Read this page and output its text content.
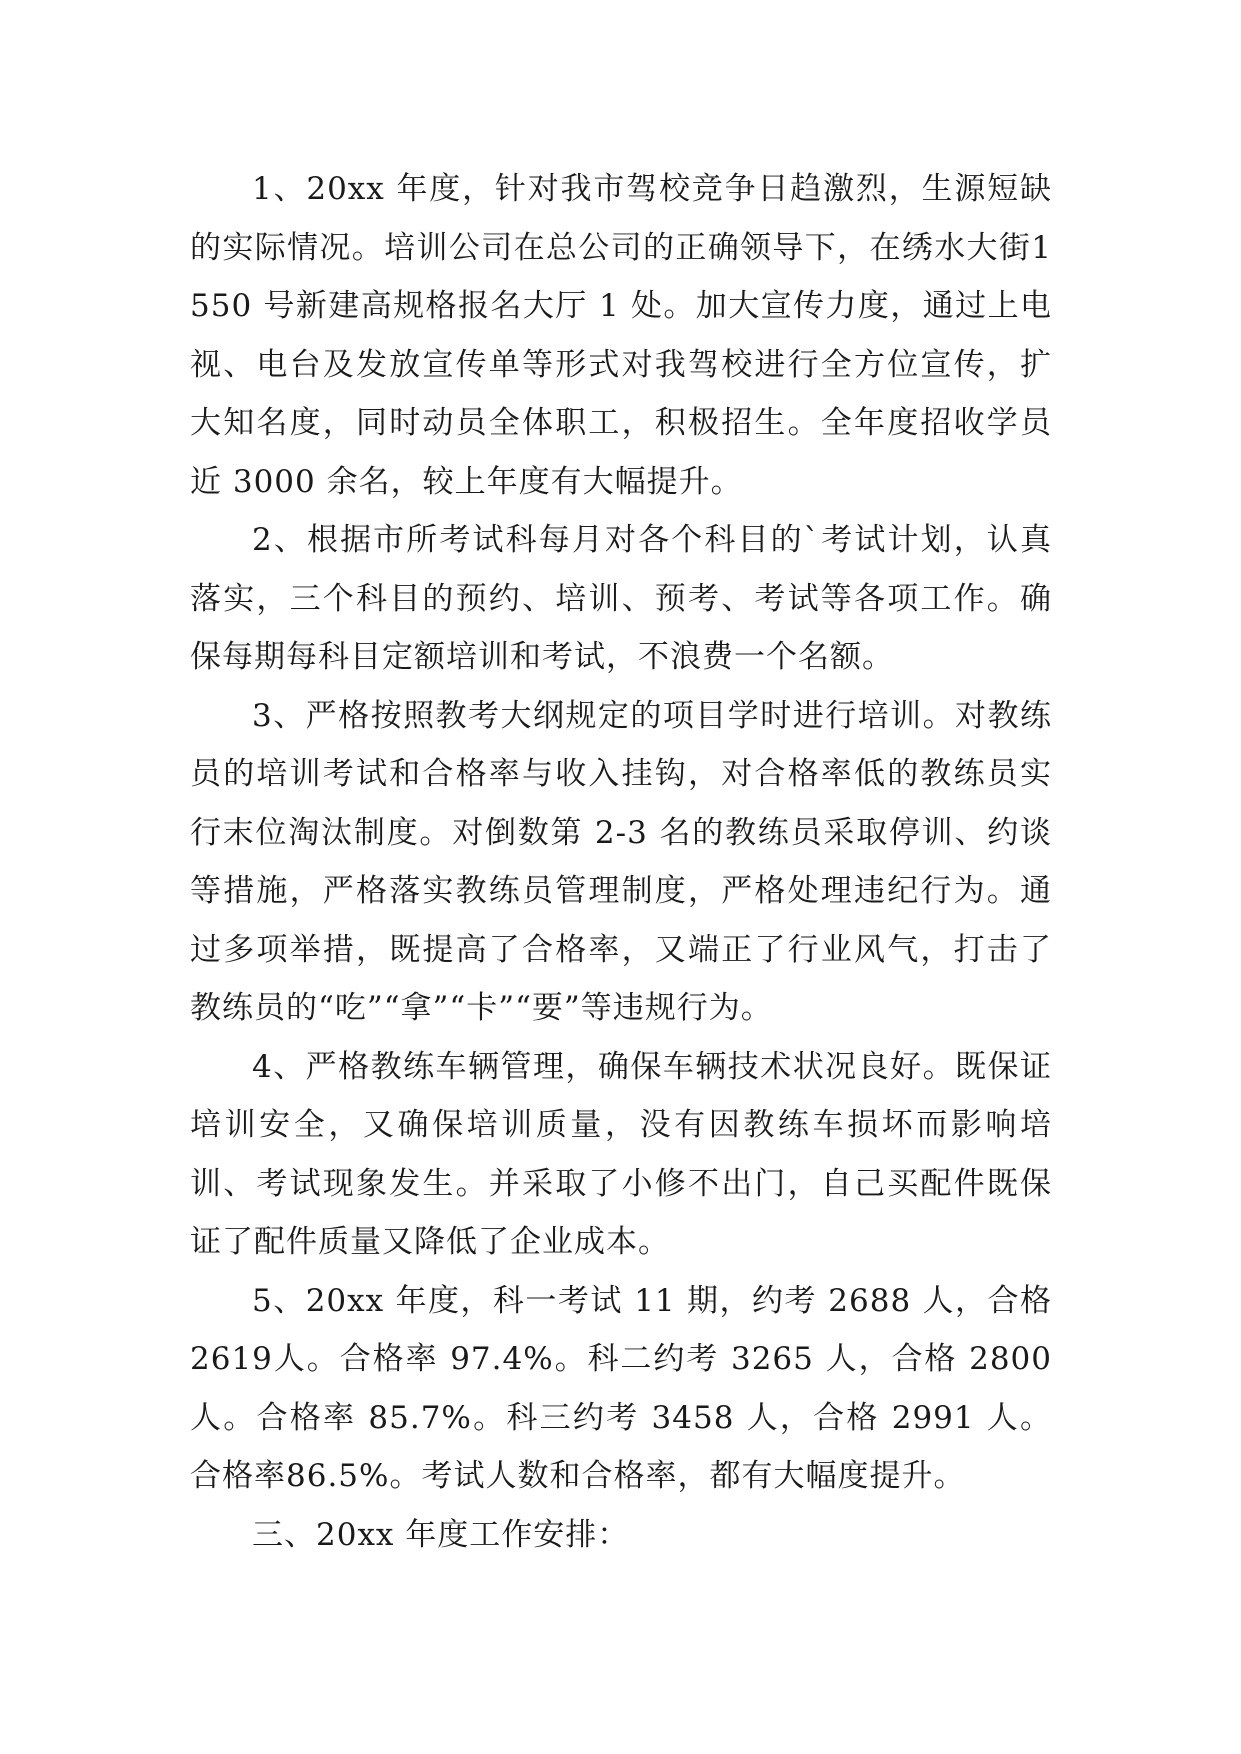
1、20xx 年度，针对我市驾校竞争日趋激烈，生源短缺的实际情况。培训公司在总公司的正确领导下，在绣水大街1550 号新建高规格报名大厅 1 处。加大宣传力度，通过上电视、电台及发放宣传单等形式对我驾校进行全方位宣传，扩大知名度，同时动员全体职工，积极招生。全年度招收学员近 3000 余名，较上年度有大幅提升。

2、根据市所考试科每月对各个科目的`考试计划，认真落实，三个科目的预约、培训、预考、考试等各项工作。确保每期每科目定额培训和考试，不浪费一个名额。

3、严格按照教考大纲规定的项目学时进行培训。对教练员的培训考试和合格率与收入挂钩，对合格率低的教练员实行末位淘汰制度。对倒数第 2-3 名的教练员采取停训、约谈等措施，严格落实教练员管理制度，严格处理违纪行为。通过多项举措，既提高了合格率，又端正了行业风气，打击了教练员的“吃”“拿”“卡”“要”等违规行为。

4、严格教练车辆管理，确保车辆技术状况良好。既保证培训安全，又确保培训质量，没有因教练车损坏而影响培训、考试现象发生。并采取了小修不出门，自己买配件既保证了配件质量又降低了企业成本。

5、20xx 年度，科一考试 11 期，约考 2688 人，合格 2619人。合格率 97.4%。科二约考 3265 人，合格 2800 人。合格率 85.7%。科三约考 3458 人，合格 2991 人。合格率86.5%。考试人数和合格率，都有大幅度提升。

三、20xx 年度工作安排：
